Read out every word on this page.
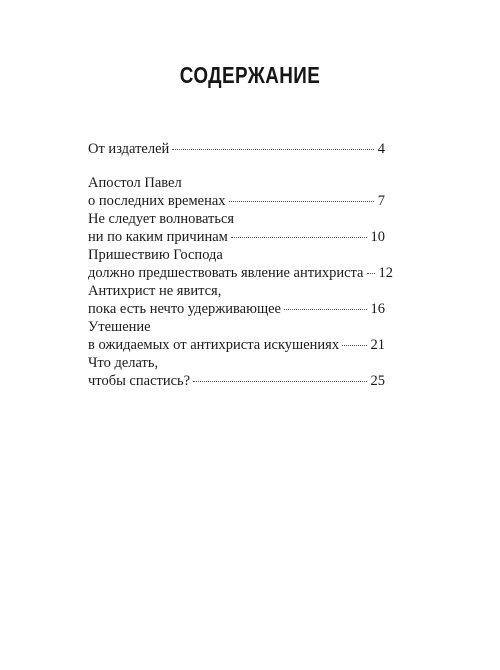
СОДЕРЖАНИЕ
От издателей	4
Апостол Павел
о последних временах	7
Не следует волноваться
ни по каким причинам	10
Пришествию Господа
должно предшествовать явление антихриста 12
Антихрист не явится,
пока есть нечто удерживающее	16
Утешение
в ожидаемых от антихриста искушениях 21
Что делать,
чтобы спастись?	25
